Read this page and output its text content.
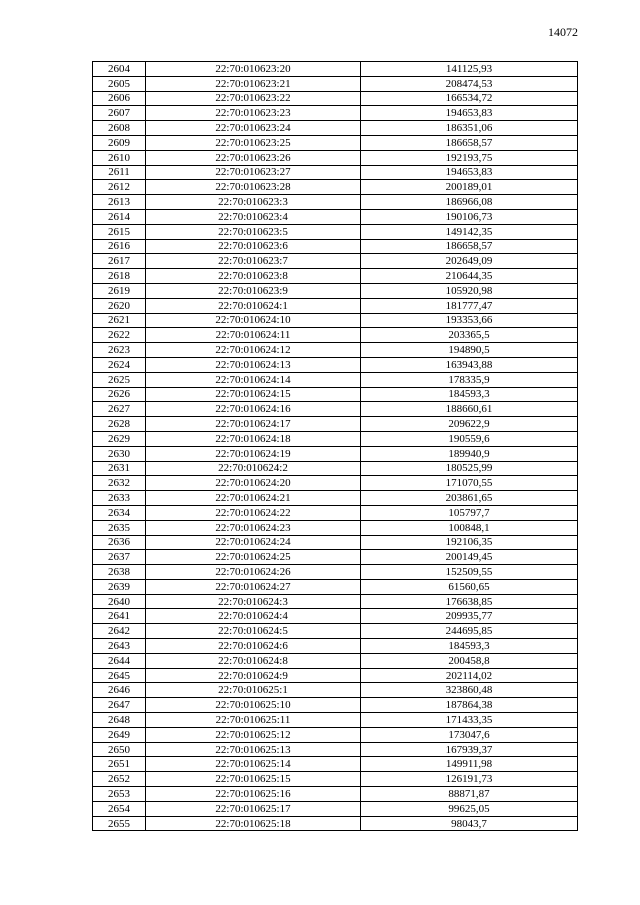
14072
2604	22:70:010623:20	141125,93
2605	22:70:010623:21	208474,53
2606	22:70:010623:22	166534,72
2607	22:70:010623:23	194653,83
2608	22:70:010623:24	186351,06
2609	22:70:010623:25	186658,57
2610	22:70:010623:26	192193,75
2611	22:70:010623:27	194653,83
2612	22:70:010623:28	200189,01
2613	22:70:010623:3	186966,08
2614	22:70:010623:4	190106,73
2615	22:70:010623:5	149142,35
2616	22:70:010623:6	186658,57
2617	22:70:010623:7	202649,09
2618	22:70:010623:8	210644,35
2619	22:70:010623:9	105920,98
2620	22:70:010624:1	181777,47
2621	22:70:010624:10	193353,66
2622	22:70:010624:11	203365,5
2623	22:70:010624:12	194890,5
2624	22:70:010624:13	163943,88
2625	22:70:010624:14	178335,9
2626	22:70:010624:15	184593,3
2627	22:70:010624:16	188660,61
2628	22:70:010624:17	209622,9
2629	22:70:010624:18	190559,6
2630	22:70:010624:19	189940,9
2631	22:70:010624:2	180525,99
2632	22:70:010624:20	171070,55
2633	22:70:010624:21	203861,65
2634	22:70:010624:22	105797,7
2635	22:70:010624:23	100848,1
2636	22:70:010624:24	192106,35
2637	22:70:010624:25	200149,45
2638	22:70:010624:26	152509,55
2639	22:70:010624:27	61560,65
2640	22:70:010624:3	176638,85
2641	22:70:010624:4	209935,77
2642	22:70:010624:5	244695,85
2643	22:70:010624:6	184593,3
2644	22:70:010624:8	200458,8
2645	22:70:010624:9	202114,02
2646	22:70:010625:1	323860,48
2647	22:70:010625:10	187864,38
2648	22:70:010625:11	171433,35
2649	22:70:010625:12	173047,6
2650	22:70:010625:13	167939,37
2651	22:70:010625:14	149911,98
2652	22:70:010625:15	126191,73
2653	22:70:010625:16	88871,87
2654	22:70:010625:17	99625,05
2655	22:70:010625:18	98043,7
